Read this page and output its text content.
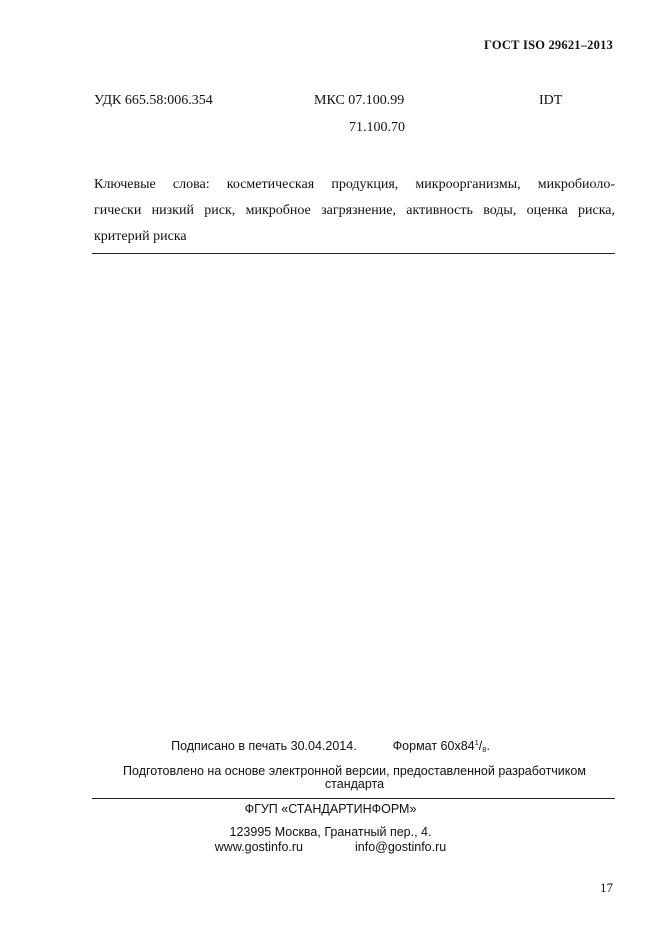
ГОСТ ISO 29621–2013
УДК 665.58:006.354	МКС 07.100.99	IDT
71.100.70
Ключевые слова: косметическая продукция, микроорганизмы, микробиоло-
гически низкий риск, микробное загрязнение, активность воды, оценка риска,
критерий риска
Подписано в печать 30.04.2014.	Формат $60x84^1/_8$.
Подготовлено на основе электронной версии, предоставленной разработчиком стандарта
ФГУП «СТАНДАРТИНФОРМ»
123995 Москва, Гранатный пер., 4.
www.gostinfo.ru	info@gostinfo.ru
17
